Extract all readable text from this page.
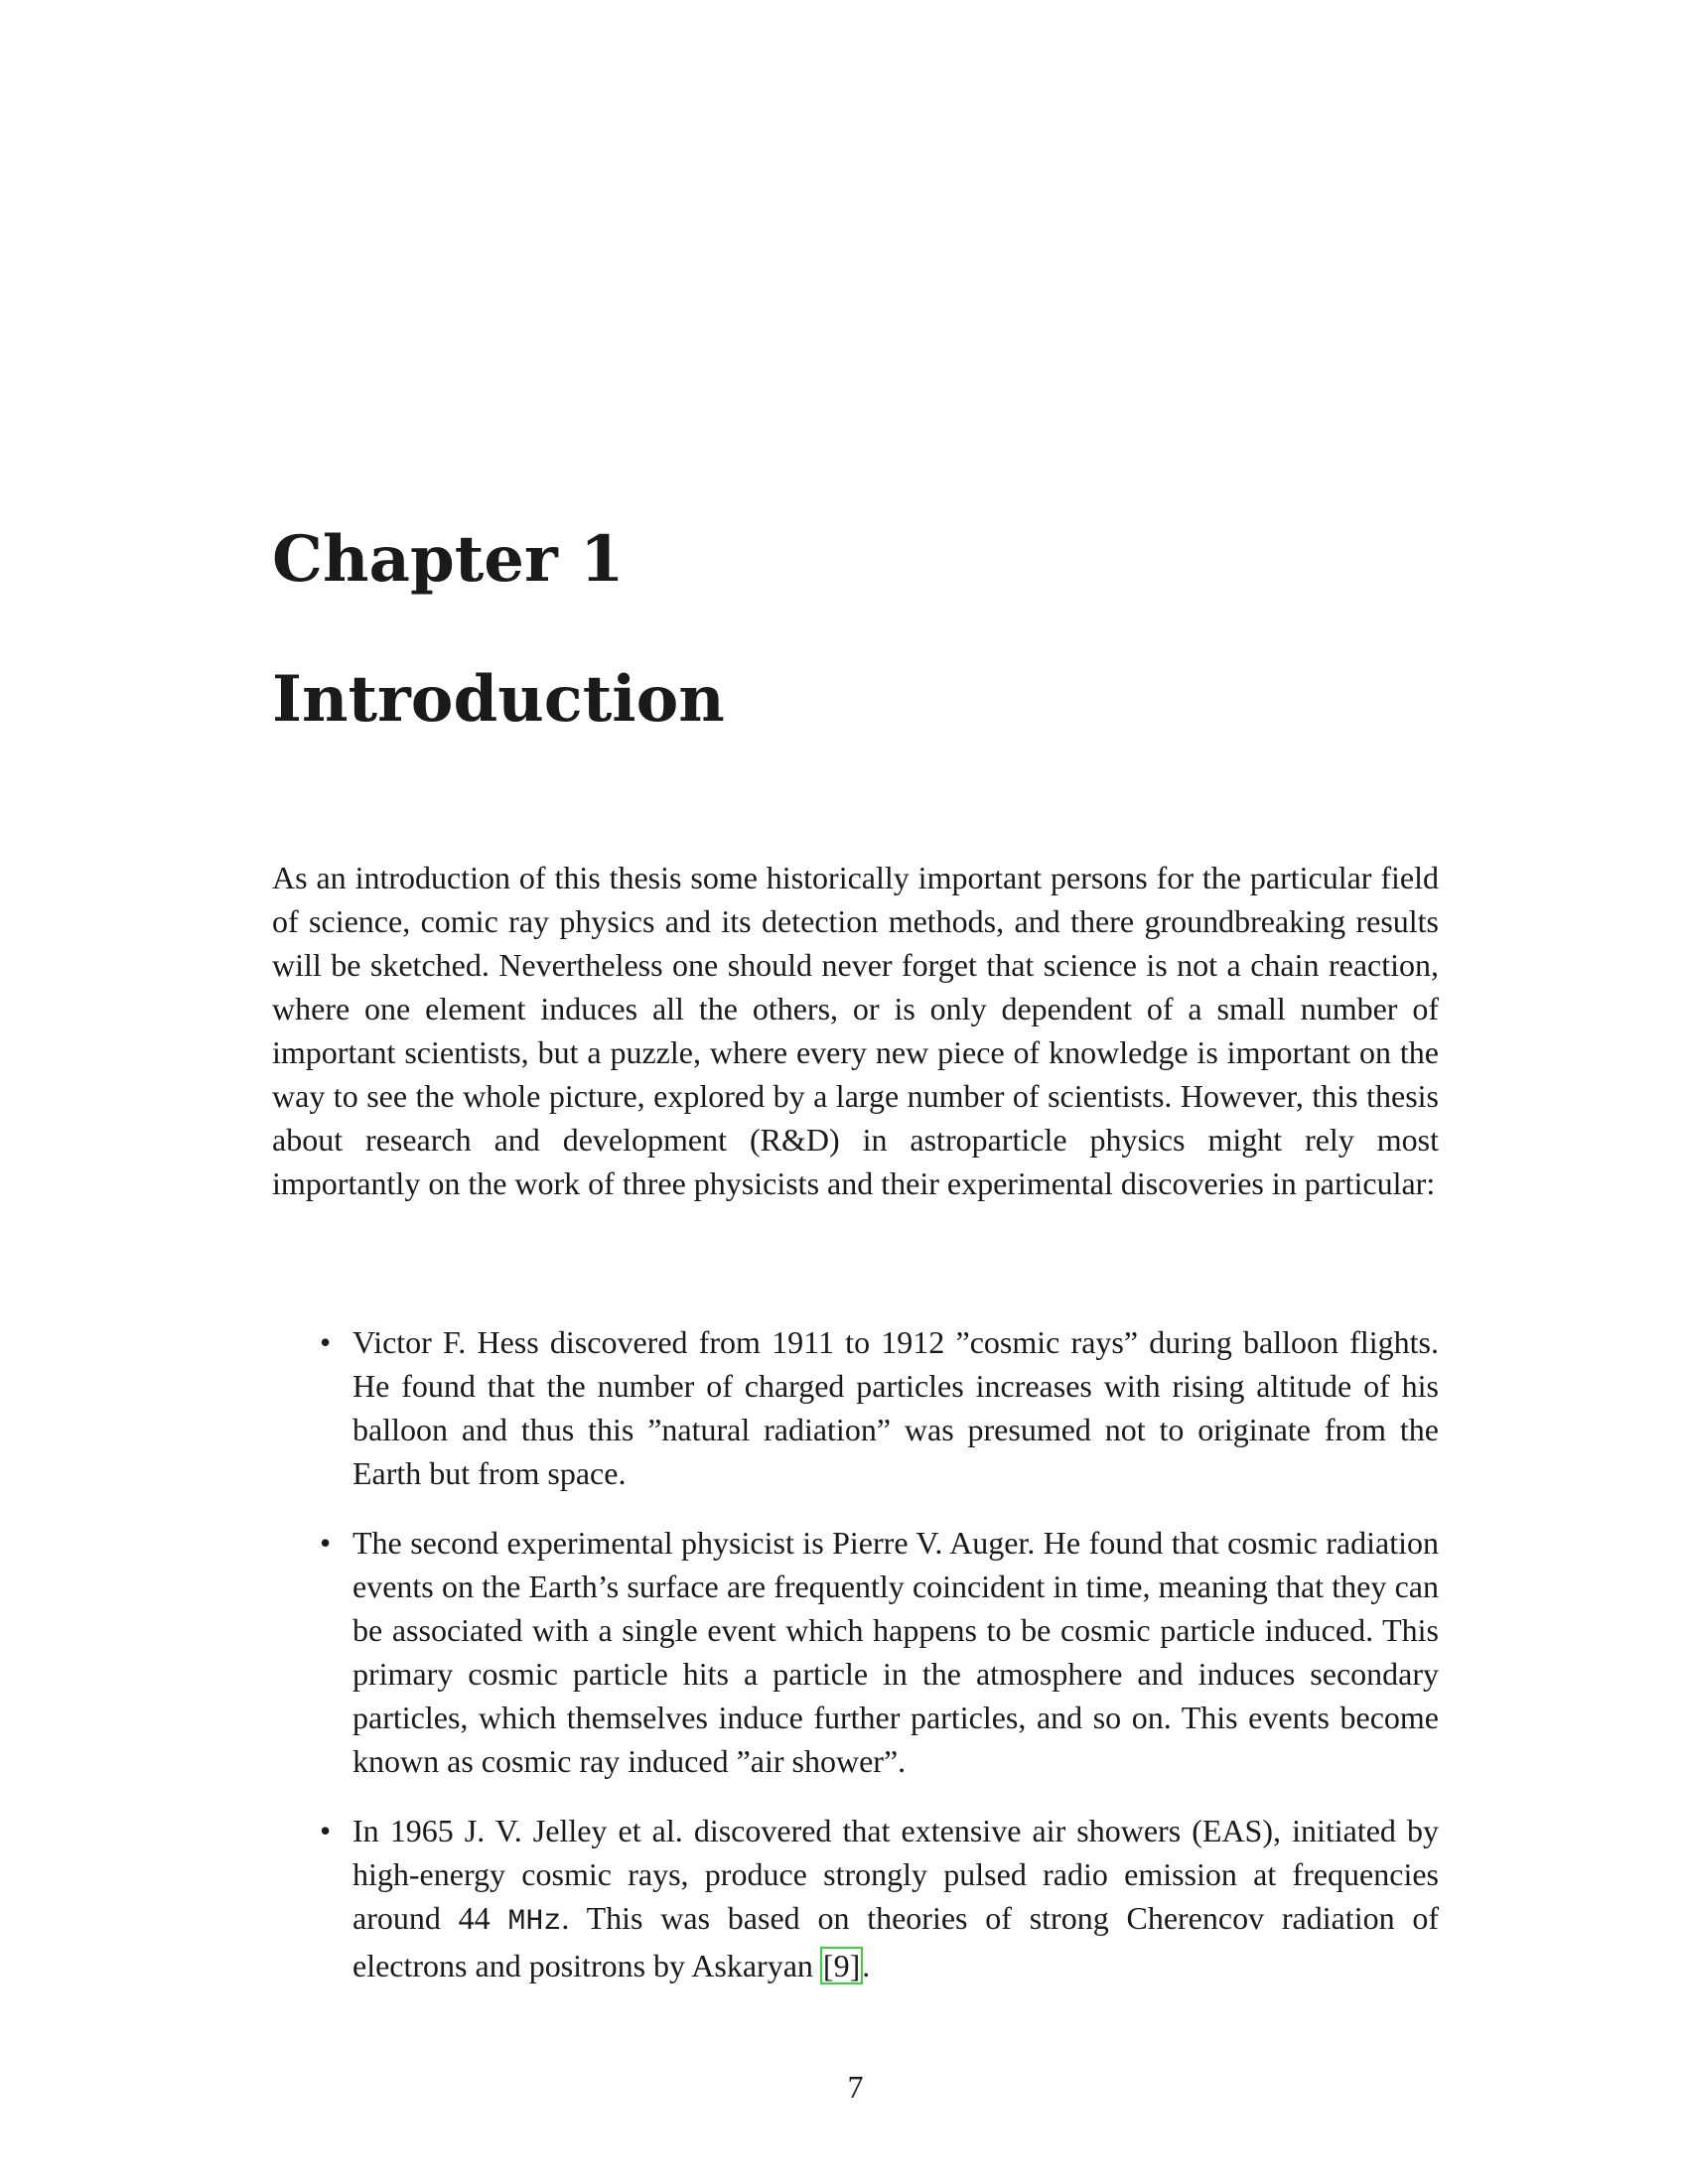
Chapter 1
Introduction

As an introduction of this thesis some historically important persons for the particular field of science, comic ray physics and its detection methods, and there groundbreaking results will be sketched. Nevertheless one should never forget that science is not a chain reaction, where one element induces all the others, or is only dependent of a small number of important scientists, but a puzzle, where every new piece of knowledge is important on the way to see the whole picture, explored by a large number of scientists. However, this thesis about research and development (R&D) in astroparticle physics might rely most importantly on the work of three physicists and their experimental discoveries in particular:

• Victor F. Hess discovered from 1911 to 1912 ”cosmic rays” during balloon flights. He found that the number of charged particles increases with rising altitude of his balloon and thus this ”natural radiation” was presumed not to originate from the Earth but from space.
• The second experimental physicist is Pierre V. Auger. He found that cosmic radiation events on the Earth’s surface are frequently coincident in time, meaning that they can be associated with a single event which happens to be cosmic particle induced. This primary cosmic particle hits a particle in the atmosphere and induces secondary particles, which themselves induce further particles, and so on. This events become known as cosmic ray induced ”air shower”.
• In 1965 J. V. Jelley et al. discovered that extensive air showers (EAS), initiated by high-energy cosmic rays, produce strongly pulsed radio emission at frequencies around 44 MHz. This was based on theories of strong Cherencov radiation of electrons and positrons by Askaryan [9].
7
